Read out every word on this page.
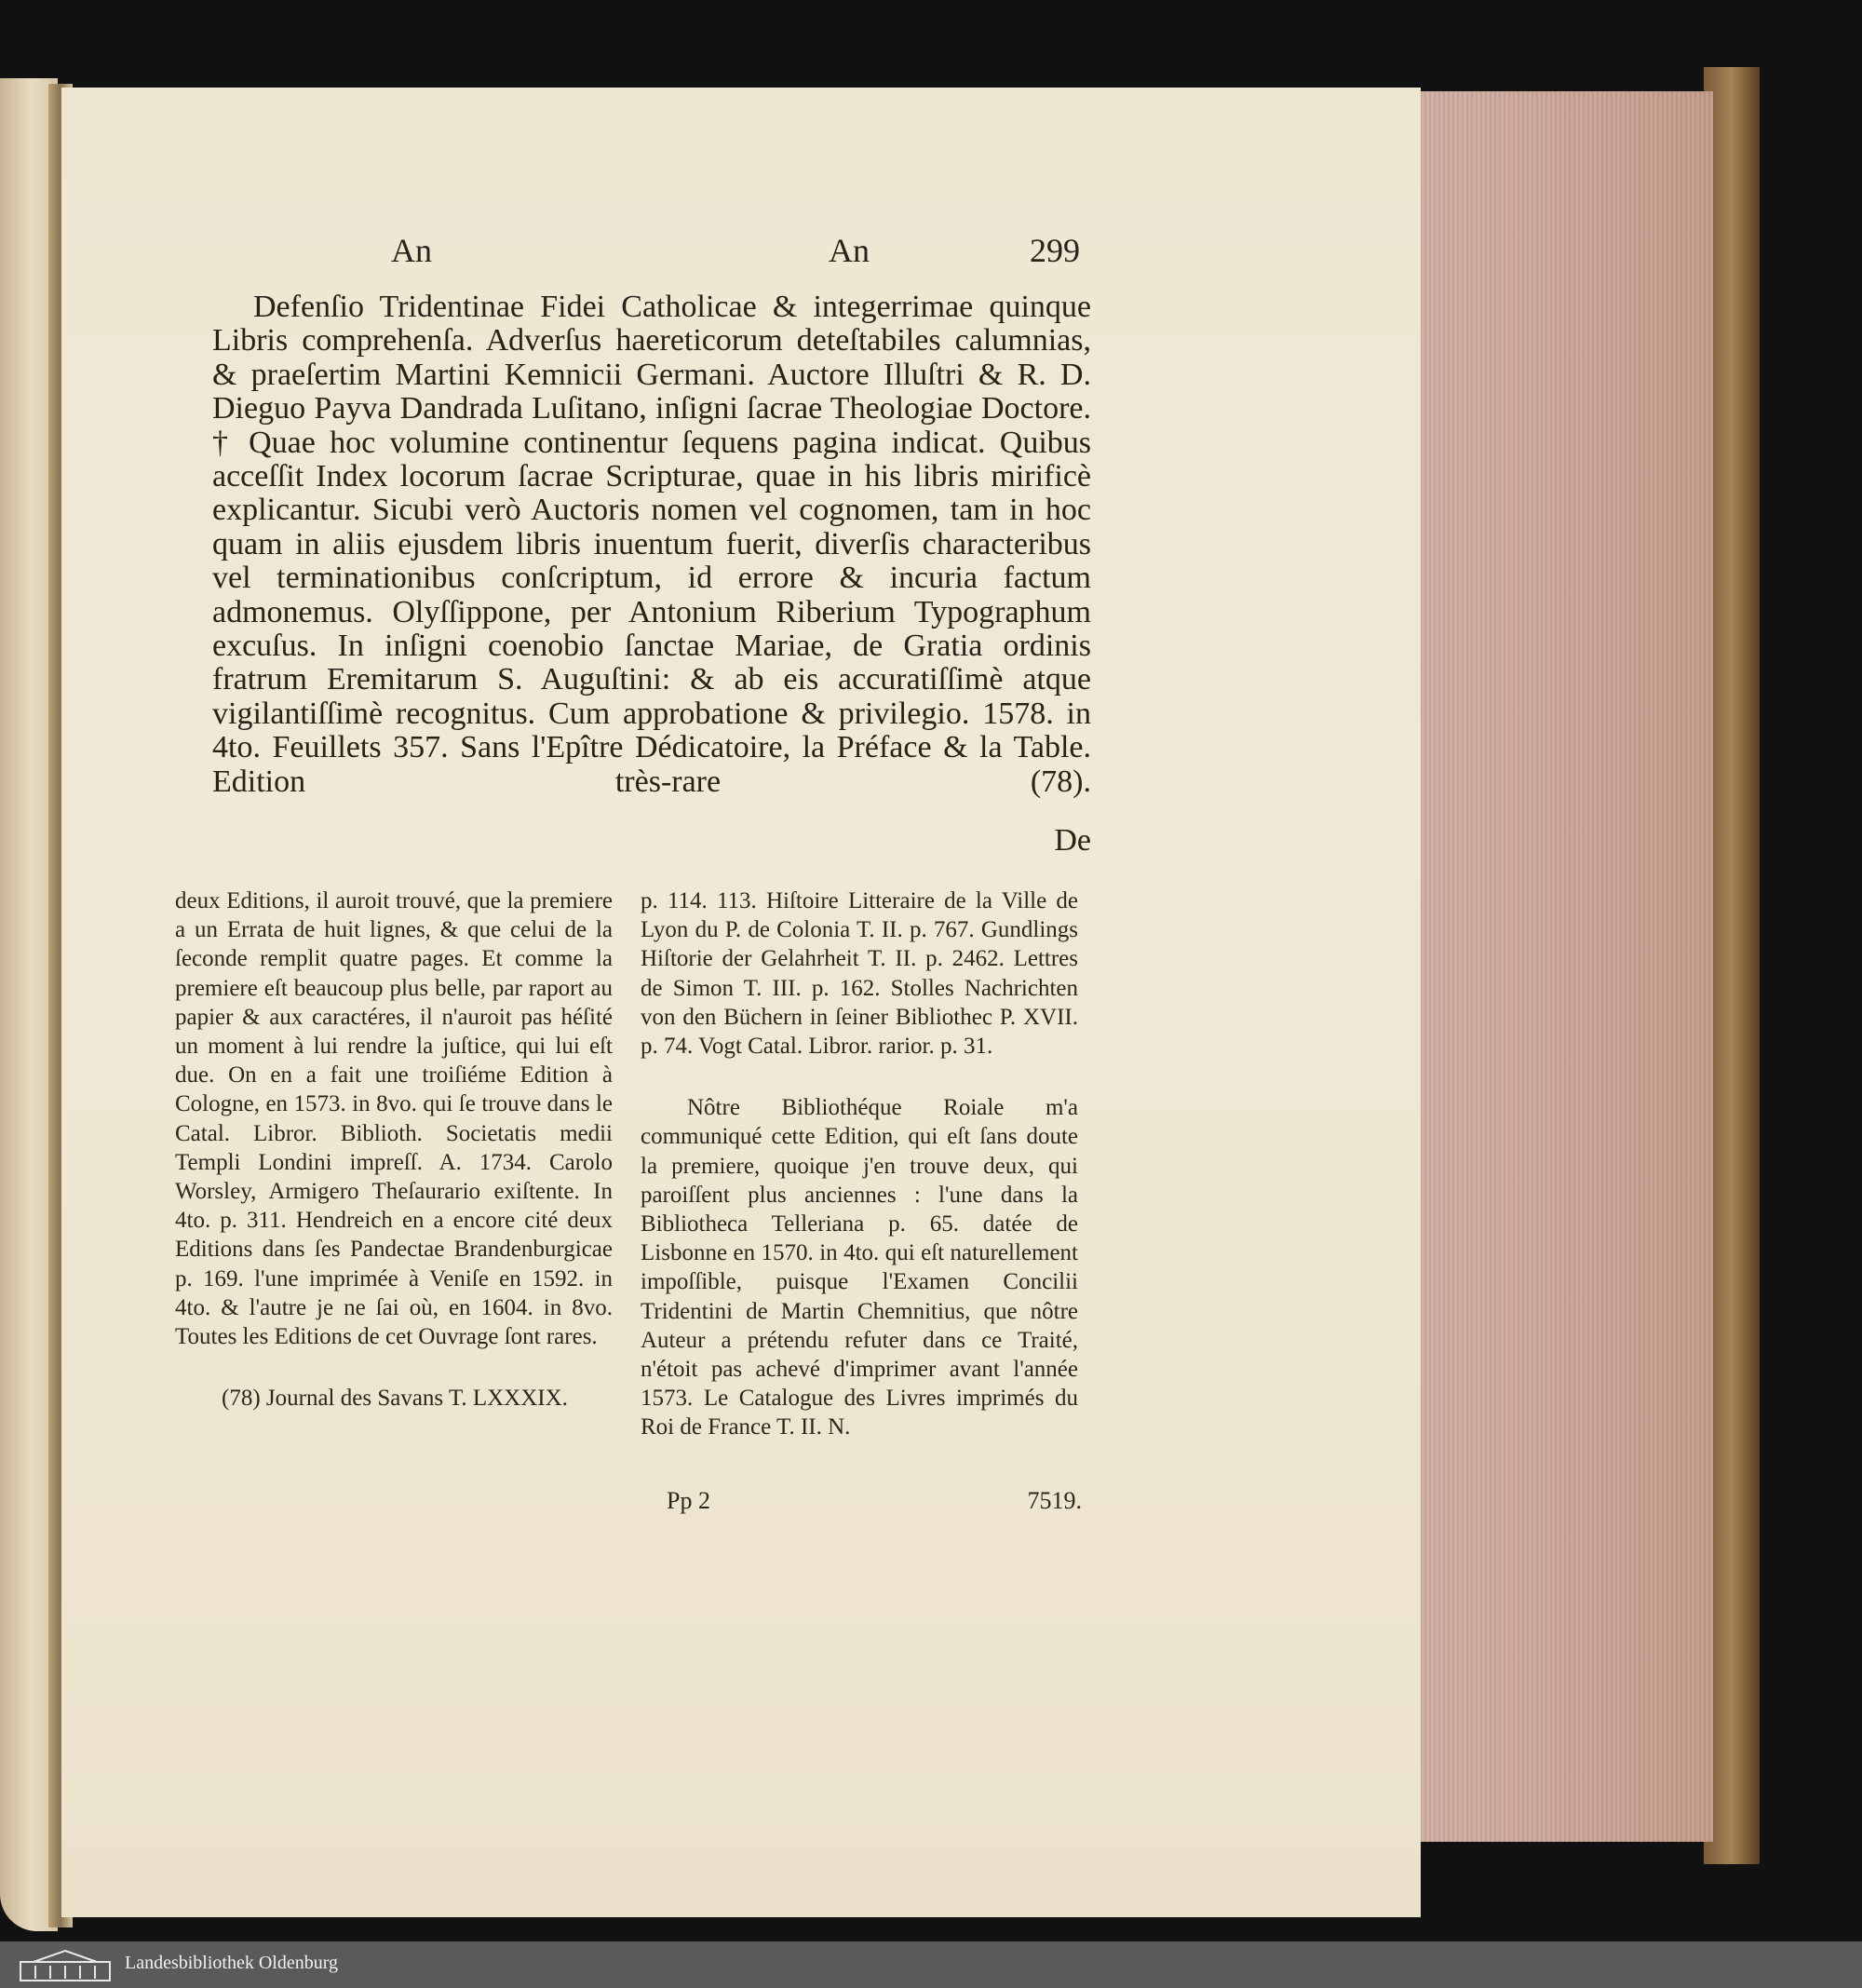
An	An	299

Defenſio Tridentinae Fidei Catholicae & integerrimae quinque Libris comprehenſa. Adverſus haereticorum deteſtabiles calumnias, & praeſertim Martini Kemnicii Germani. Auctore Illuſtri & R. D. Dieguo Payva Dandrada Luſitano, inſigni ſacrae Theologiae Doctore. † Quae hoc volumine continentur ſequens pagina indicat. Quibus acceſſit Index locorum ſacrae Scripturae, quae in his libris mirificè explicantur. Sicubi verò Auctoris nomen vel cognomen, tam in hoc quam in aliis ejusdem libris inuentum fuerit, diverſis characteribus vel terminationibus conſcriptum, id errore & incuria factum admonemus. Olyſſippone, per Antonium Riberium Typographum excuſus. In inſigni coenobio ſanctae Mariae, de Gratia ordinis fratrum Eremitarum S. Auguſtini: & ab eis accuratiſſimè atque vigilantiſſimè recognitus. Cum approbatione & privilegio. 1578. in 4to. Feuillets 357. Sans l'Epître Dédicatoire, la Préface & la Table. Edition très-rare (78).

De

deux Editions, il auroit trouvé, que la premiere a un Errata de huit lignes, & que celui de la ſeconde remplit quatre pages. Et comme la premiere eſt beaucoup plus belle, par raport au papier & aux caractéres, il n'auroit pas héſité un moment à lui rendre la juſtice, qui lui eſt due. On en a fait une troiſiéme Edition à Cologne, en 1573. in 8vo. qui ſe trouve dans le Catal. Libror. Biblioth. Societatis medii Templi Londini impreſſ. A. 1734. Carolo Worsley, Armigero Theſaurario exiſtente. In 4to. p. 311. Hendreich en a encore cité deux Editions dans ſes Pandectae Brandenburgicae p. 169. l'une imprimée à Veniſe en 1592. in 4to. & l'autre je ne ſai où, en 1604. in 8vo. Toutes les Editions de cet Ouvrage ſont rares.

(78) Journal des Savans T. LXXXIX.

p. 114. 113. Hiſtoire Litteraire de la Ville de Lyon du P. de Colonia T. II. p. 767. Gundlings Hiſtorie der Gelahrheit T. II. p. 2462. Lettres de Simon T. III. p. 162. Stolles Nachrichten von den Büchern in ſeiner Bibliothec P. XVII. p. 74. Vogt Catal. Libror. rarior. p. 31.

Nôtre Bibliothéque Roiale m'a communiqué cette Edition, qui eſt ſans doute la premiere, quoique j'en trouve deux, qui paroiſſent plus anciennes : l'une dans la Bibliotheca Telleriana p. 65. datée de Lisbonne en 1570. in 4to. qui eſt naturellement impoſſible, puisque l'Examen Concilii Tridentini de Martin Chemnitius, que nôtre Auteur a prétendu refuter dans ce Traité, n'étoit pas achevé d'imprimer avant l'année 1573. Le Catalogue des Livres imprimés du Roi de France T. II. N.

Pp 2	7519.
Landesbibliothek Oldenburg
